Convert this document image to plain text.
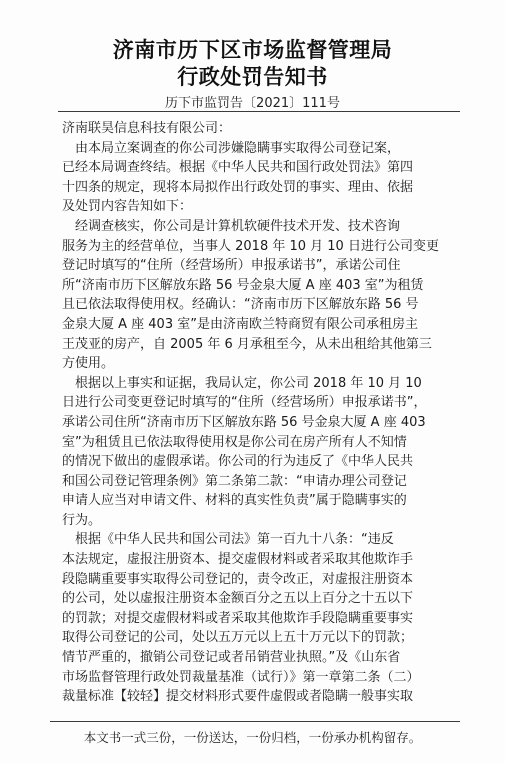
济南市历下区市场监督管理局
行政处罚告知书
历下市监罚告〔2021〕111号
济南联昊信息科技有限公司：
　由本局立案调查的你公司涉嫌隐瞒事实取得公司登记案，
已经本局调查终结。根据《中华人民共和国行政处罚法》第四
十四条的规定，现将本局拟作出行政处罚的事实、理由、依据
及处罚内容告知如下：
　经调查核实，你公司是计算机软硬件技术开发、技术咨询
服务为主的经营单位，当事人 2018 年 10 月 10 日进行公司变更
登记时填写的“住所（经营场所）申报承诺书”，承诺公司住
所“济南市历下区解放东路 56 号金泉大厦 A 座 403 室”为租赁
且已依法取得使用权。经确认：“济南市历下区解放东路 56 号
金泉大厦 A 座 403 室”是由济南欧兰特商贸有限公司承租房主
王茂亚的房产，自 2005 年 6 月承租至今，从未出租给其他第三
方使用。
　根据以上事实和证据，我局认定，你公司 2018 年 10 月 10
日进行公司变更登记时填写的“住所（经营场所）申报承诺书”，
承诺公司住所“济南市历下区解放东路 56 号金泉大厦 A 座 403
室”为租赁且已依法取得使用权是你公司在房产所有人不知情
的情况下做出的虚假承诺。你公司的行为违反了《中华人民共
和国公司登记管理条例》第二条第二款：“申请办理公司登记
申请人应当对申请文件、材料的真实性负责”属于隐瞒事实的
行为。
　根据《中华人民共和国公司法》第一百九十八条：“违反
本法规定，虚报注册资本、提交虚假材料或者采取其他欺诈手
段隐瞒重要事实取得公司登记的，责令改正，对虚报注册资本
的公司，处以虚报注册资本金额百分之五以上百分之十五以下
的罚款；对提交虚假材料或者采取其他欺诈手段隐瞒重要事实
取得公司登记的公司，处以五万元以上五十万元以下的罚款；
情节严重的，撤销公司登记或者吊销营业执照。”及《山东省
市场监督管理行政处罚裁量基准（试行）》第一章第二条（二）
裁量标准【较轻】提交材料形式要件虚假或者隐瞒一般事实取
本文书一式三份，一份送达，一份归档，一份承办机构留存。
